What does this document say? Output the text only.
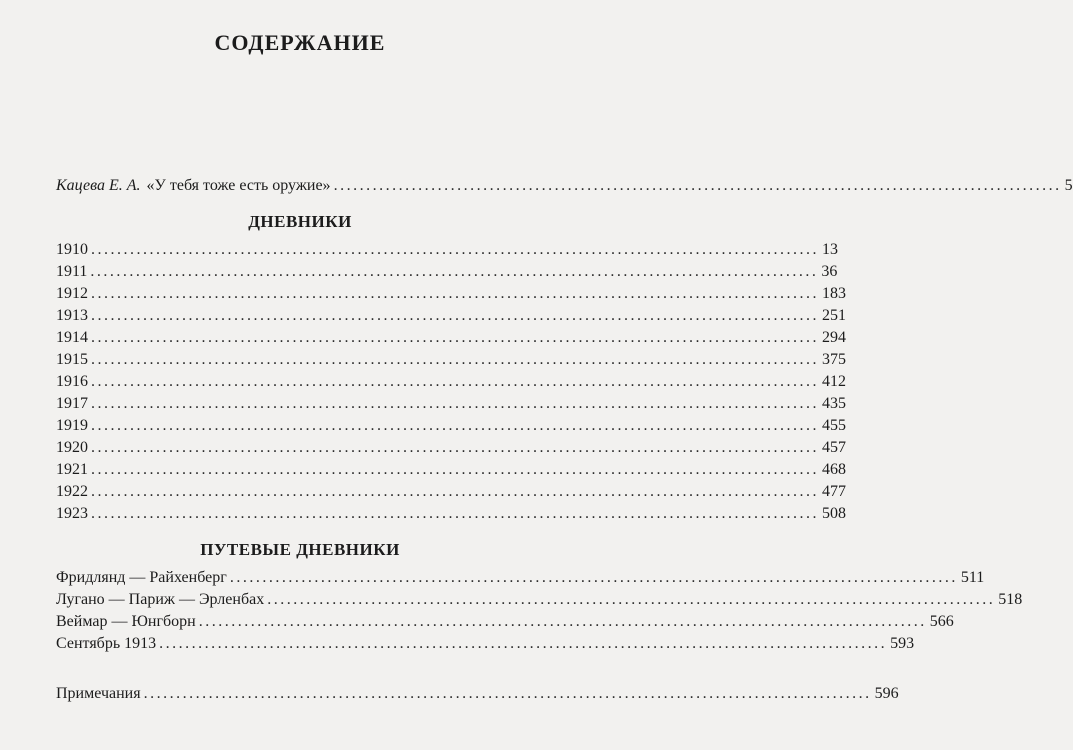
СОДЕРЖАНИЕ
Кацева Е. А. «У тебя тоже есть оружие» ................................................................................................................ 5
ДНЕВНИКИ
1910 ................................................................................................................ 13
1911 ................................................................................................................ 36
1912 ................................................................................................................ 183
1913 ................................................................................................................ 251
1914 ................................................................................................................ 294
1915 ................................................................................................................ 375
1916 ................................................................................................................ 412
1917 ................................................................................................................ 435
1919 ................................................................................................................ 455
1920 ................................................................................................................ 457
1921 ................................................................................................................ 468
1922 ................................................................................................................ 477
1923 ................................................................................................................ 508
ПУТЕВЫЕ ДНЕВНИКИ
Фридлянд — Райхенберг ................................................................................................................ 511
Лугано — Париж — Эрленбах ................................................................................................................ 518
Веймар — Юнгборн ................................................................................................................ 566
Сентябрь 1913 ................................................................................................................ 593
Примечания ................................................................................................................ 596
